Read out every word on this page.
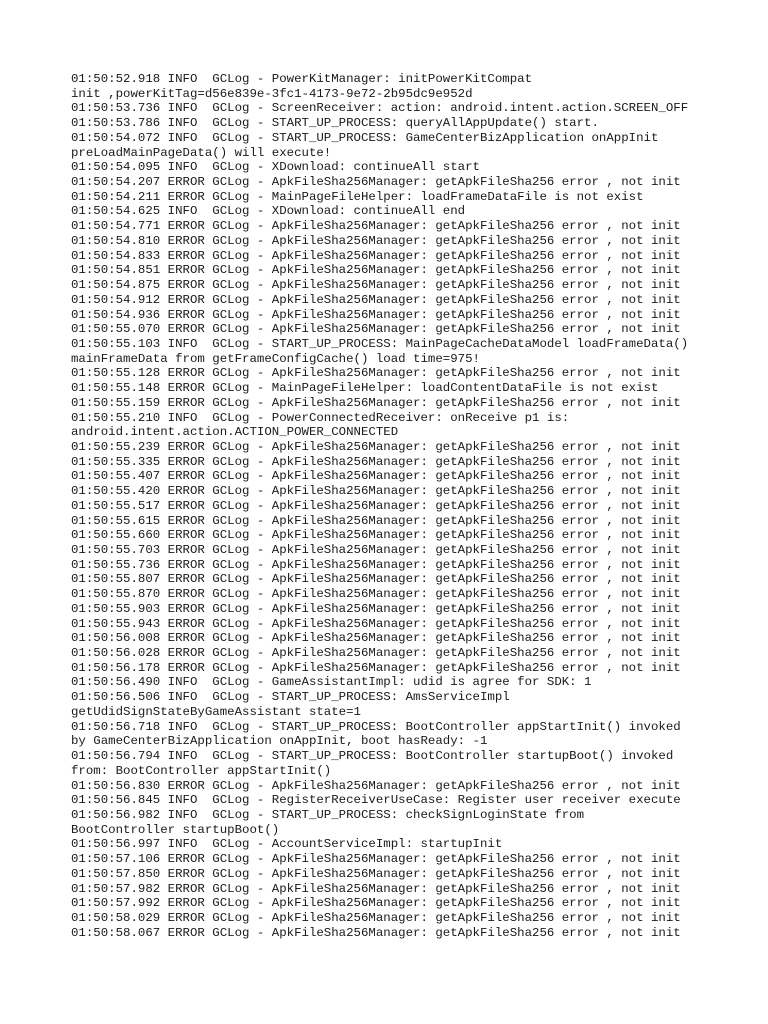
01:50:52.918 INFO  GCLog - PowerKitManager: initPowerKitCompat
init ,powerKitTag=d56e839e-3fc1-4173-9e72-2b95dc9e952d
01:50:53.736 INFO  GCLog - ScreenReceiver: action: android.intent.action.SCREEN_OFF
01:50:53.786 INFO  GCLog - START_UP_PROCESS: queryAllAppUpdate() start.
01:50:54.072 INFO  GCLog - START_UP_PROCESS: GameCenterBizApplication onAppInit
preLoadMainPageData() will execute!
01:50:54.095 INFO  GCLog - XDownload: continueAll start
01:50:54.207 ERROR GCLog - ApkFileSha256Manager: getApkFileSha256 error , not init
01:50:54.211 ERROR GCLog - MainPageFileHelper: loadFrameDataFile is not exist
01:50:54.625 INFO  GCLog - XDownload: continueAll end
01:50:54.771 ERROR GCLog - ApkFileSha256Manager: getApkFileSha256 error , not init
01:50:54.810 ERROR GCLog - ApkFileSha256Manager: getApkFileSha256 error , not init
01:50:54.833 ERROR GCLog - ApkFileSha256Manager: getApkFileSha256 error , not init
01:50:54.851 ERROR GCLog - ApkFileSha256Manager: getApkFileSha256 error , not init
01:50:54.875 ERROR GCLog - ApkFileSha256Manager: getApkFileSha256 error , not init
01:50:54.912 ERROR GCLog - ApkFileSha256Manager: getApkFileSha256 error , not init
01:50:54.936 ERROR GCLog - ApkFileSha256Manager: getApkFileSha256 error , not init
01:50:55.070 ERROR GCLog - ApkFileSha256Manager: getApkFileSha256 error , not init
01:50:55.103 INFO  GCLog - START_UP_PROCESS: MainPageCacheDataModel loadFrameData()
mainFrameData from getFrameConfigCache() load time=975!
01:50:55.128 ERROR GCLog - ApkFileSha256Manager: getApkFileSha256 error , not init
01:50:55.148 ERROR GCLog - MainPageFileHelper: loadContentDataFile is not exist
01:50:55.159 ERROR GCLog - ApkFileSha256Manager: getApkFileSha256 error , not init
01:50:55.210 INFO  GCLog - PowerConnectedReceiver: onReceive p1 is:
android.intent.action.ACTION_POWER_CONNECTED
01:50:55.239 ERROR GCLog - ApkFileSha256Manager: getApkFileSha256 error , not init
01:50:55.335 ERROR GCLog - ApkFileSha256Manager: getApkFileSha256 error , not init
01:50:55.407 ERROR GCLog - ApkFileSha256Manager: getApkFileSha256 error , not init
01:50:55.420 ERROR GCLog - ApkFileSha256Manager: getApkFileSha256 error , not init
01:50:55.517 ERROR GCLog - ApkFileSha256Manager: getApkFileSha256 error , not init
01:50:55.615 ERROR GCLog - ApkFileSha256Manager: getApkFileSha256 error , not init
01:50:55.660 ERROR GCLog - ApkFileSha256Manager: getApkFileSha256 error , not init
01:50:55.703 ERROR GCLog - ApkFileSha256Manager: getApkFileSha256 error , not init
01:50:55.736 ERROR GCLog - ApkFileSha256Manager: getApkFileSha256 error , not init
01:50:55.807 ERROR GCLog - ApkFileSha256Manager: getApkFileSha256 error , not init
01:50:55.870 ERROR GCLog - ApkFileSha256Manager: getApkFileSha256 error , not init
01:50:55.903 ERROR GCLog - ApkFileSha256Manager: getApkFileSha256 error , not init
01:50:55.943 ERROR GCLog - ApkFileSha256Manager: getApkFileSha256 error , not init
01:50:56.008 ERROR GCLog - ApkFileSha256Manager: getApkFileSha256 error , not init
01:50:56.028 ERROR GCLog - ApkFileSha256Manager: getApkFileSha256 error , not init
01:50:56.178 ERROR GCLog - ApkFileSha256Manager: getApkFileSha256 error , not init
01:50:56.490 INFO  GCLog - GameAssistantImpl: udid is agree for SDK: 1
01:50:56.506 INFO  GCLog - START_UP_PROCESS: AmsServiceImpl
getUdidSignStateByGameAssistant state=1
01:50:56.718 INFO  GCLog - START_UP_PROCESS: BootController appStartInit() invoked
by GameCenterBizApplication onAppInit, boot hasReady: -1
01:50:56.794 INFO  GCLog - START_UP_PROCESS: BootController startupBoot() invoked
from: BootController appStartInit()
01:50:56.830 ERROR GCLog - ApkFileSha256Manager: getApkFileSha256 error , not init
01:50:56.845 INFO  GCLog - RegisterReceiverUseCase: Register user receiver execute
01:50:56.982 INFO  GCLog - START_UP_PROCESS: checkSignLoginState from
BootController startupBoot()
01:50:56.997 INFO  GCLog - AccountServiceImpl: startupInit
01:50:57.106 ERROR GCLog - ApkFileSha256Manager: getApkFileSha256 error , not init
01:50:57.850 ERROR GCLog - ApkFileSha256Manager: getApkFileSha256 error , not init
01:50:57.982 ERROR GCLog - ApkFileSha256Manager: getApkFileSha256 error , not init
01:50:57.992 ERROR GCLog - ApkFileSha256Manager: getApkFileSha256 error , not init
01:50:58.029 ERROR GCLog - ApkFileSha256Manager: getApkFileSha256 error , not init
01:50:58.067 ERROR GCLog - ApkFileSha256Manager: getApkFileSha256 error , not init
